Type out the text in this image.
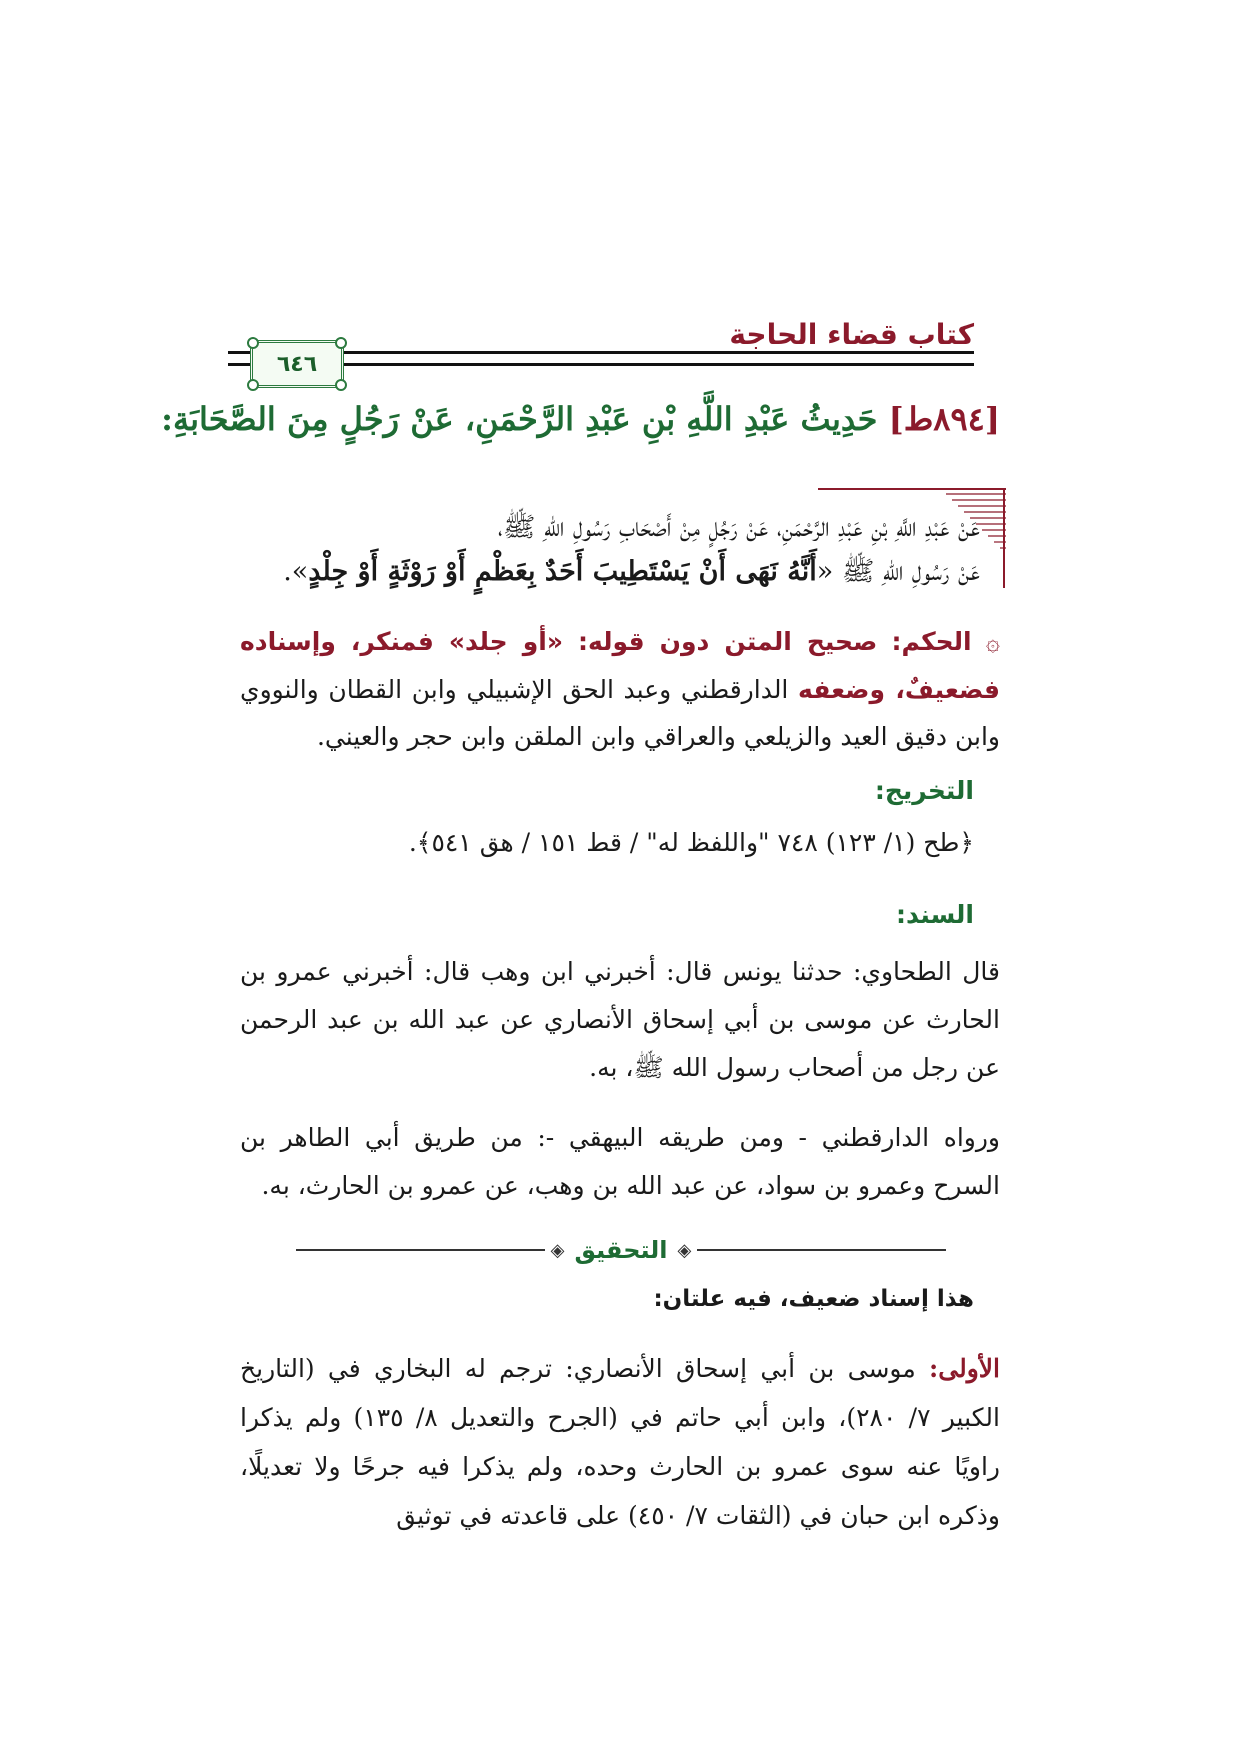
كتاب قضاء الحاجة
٦٤٦
[٨٩٤ط] حَدِيثُ عَبْدِ اللَّهِ بْنِ عَبْدِ الرَّحْمَنِ، عَنْ رَجُلٍ مِنَ الصَّحَابَةِ:
عَنْ عَبْدِ اللَّهِ بْنِ عَبْدِ الرَّحْمَنِ، عَنْ رَجُلٍ مِنْ أَصْحَابِ رَسُولِ اللهِ ﷺ،
عَنْ رَسُولِ اللهِ ﷺ «أَنَّهُ نَهَى أَنْ يَسْتَطِيبَ أَحَدٌ بِعَظْمٍ أَوْ رَوْثَةٍ أَوْ جِلْدٍ».
۞ الحكم: صحيح المتن دون قوله: «أو جلد» فمنكر، وإسناده فضعيفٌ، وضعفه الدارقطني وعبد الحق الإشبيلي وابن القطان والنووي وابن دقيق العيد والزيلعي والعراقي وابن الملقن وابن حجر والعيني.
التخريج:
﴿طح (١/ ١٢٣) ٧٤٨ "واللفظ له" / قط ١٥١ / هق ٥٤١﴾.
السند:
قال الطحاوي: حدثنا يونس قال: أخبرني ابن وهب قال: أخبرني عمرو بن الحارث عن موسى بن أبي إسحاق الأنصاري عن عبد الله بن عبد الرحمن عن رجل من أصحاب رسول الله ﷺ، به.
ورواه الدارقطني - ومن طريقه البيهقي -: من طريق أبي الطاهر بن السرح وعمرو بن سواد، عن عبد الله بن وهب، عن عمرو بن الحارث، به.
◈ التحقيق ◈
هذا إسناد ضعيف، فيه علتان:
الأولى: موسى بن أبي إسحاق الأنصاري: ترجم له البخاري في (التاريخ الكبير ٧/ ٢٨٠)، وابن أبي حاتم في (الجرح والتعديل ٨/ ١٣٥) ولم يذكرا راويًا عنه سوى عمرو بن الحارث وحده، ولم يذكرا فيه جرحًا ولا تعديلًا، وذكره ابن حبان في (الثقات ٧/ ٤٥٠) على قاعدته في توثيق
